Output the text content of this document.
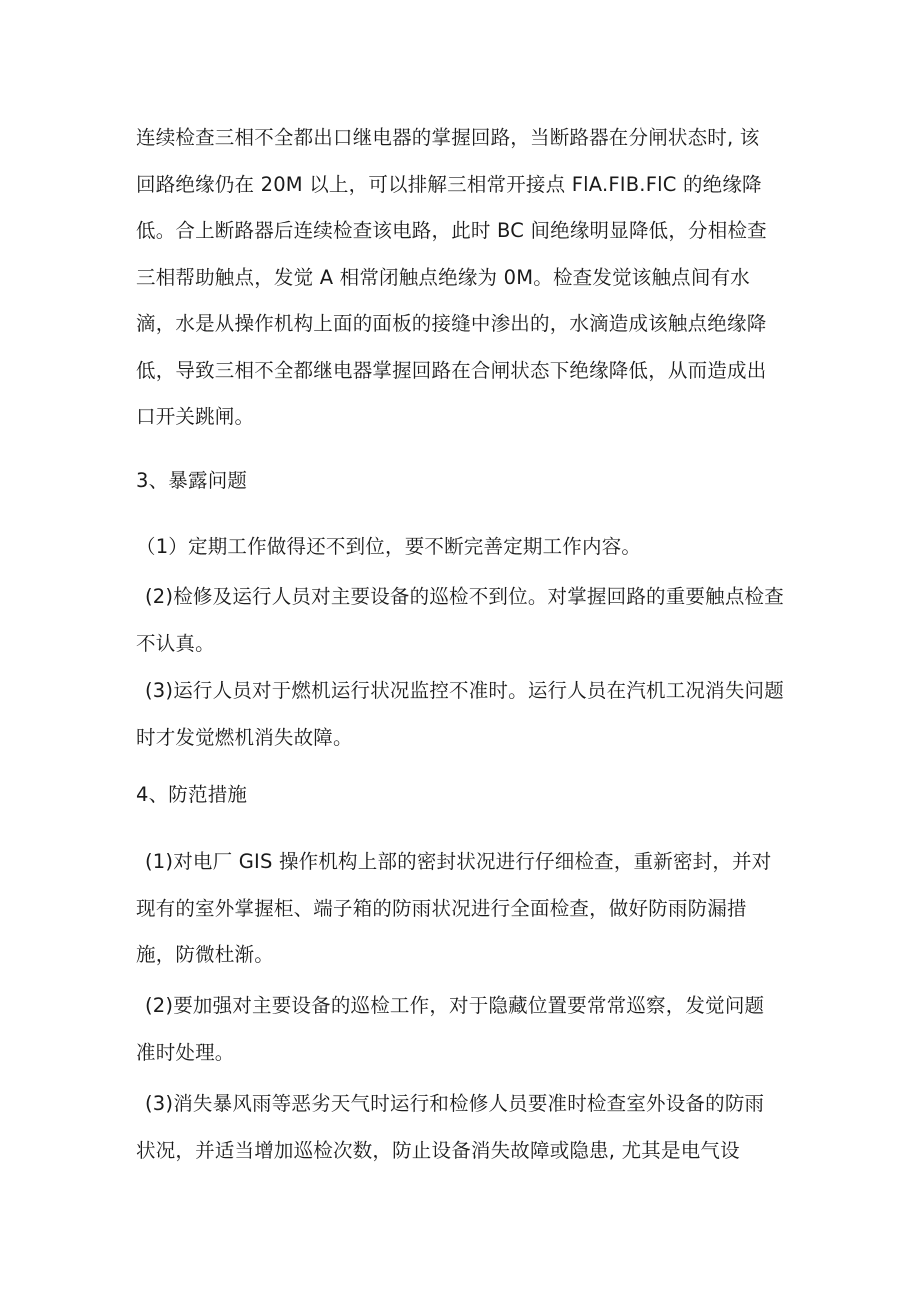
连续检查三相不全都出口继电器的掌握回路，当断路器在分闸状态时, 该
回路绝缘仍在 20M 以上，可以排解三相常开接点 FlA.FIB.FlC 的绝缘降
低。合上断路器后连续检查该电路，此时 BC 间绝缘明显降低，分相检查
三相帮助触点，发觉 A 相常闭触点绝缘为 0M。检查发觉该触点间有水
滴，水是从操作机构上面的面板的接缝中渗出的，水滴造成该触点绝缘降
低，导致三相不全都继电器掌握回路在合闸状态下绝缘降低，从而造成出
口开关跳闸。
3、暴露问题
（1）定期工作做得还不到位，要不断完善定期工作内容。
(2)检修及运行人员对主要设备的巡检不到位。对掌握回路的重要触点检查
不认真。
(3)运行人员对于燃机运行状况监控不准时。运行人员在汽机工况消失问题
时才发觉燃机消失故障。
4、防范措施
(1)对电厂 GIS 操作机构上部的密封状况进行仔细检查，重新密封，并对
现有的室外掌握柜、端子箱的防雨状况进行全面检查，做好防雨防漏措
施，防微杜渐。
(2)要加强对主要设备的巡检工作，对于隐藏位置要常常巡察，发觉问题
准时处理。
(3)消失暴风雨等恶劣天气时运行和检修人员要准时检查室外设备的防雨
状况，并适当增加巡检次数，防止设备消失故障或隐患, 尤其是电气设
